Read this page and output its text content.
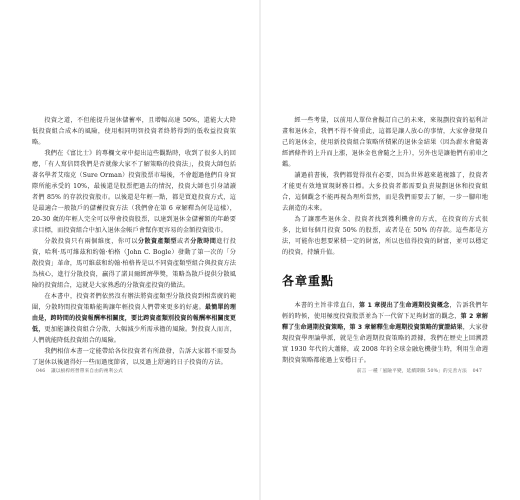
投資之道，不但能提升退休儲蓄率，且增幅高達 50%，還能大大降低投資組合成本的風險，使用相同明智投資者終將得到的低收益投資策略。

我們在《富比士》的專欄文章中提出這些觀點時，收到了很多人的回應，「有人寫信問我們是否就像大家不了解策略的投資法」，投資大師包括著名學者艾瑞克（Sure Orman）投資股票市場後，不會超過他們自身實際所能承受的 10%，最後還是股票把過去的情況，投資大師也引身請讀者們 85% 的存款投資股市。以後還是年輕一點，都是買進投資方式，這是最適合一般散戶的儲蓄投資方法（我們會在第 6 章解釋為何是這樣），20-30 歲的年輕人完全可以學會投資股票，以達到退休金儲蓄額的年齡要求目標，而投資組合中加入退休金帳戶會幫你更容易的金額投資股市。

分散投資只有兩個維度，你可以分散資產類型或者分散時間進行投資，哈利·馬可維茲和約翰·柏格（John C. Bogle）發動了第一次的「分散投資」革命，馬可維茲和約翰·柏格皆是以不同資產類型組合與投資方法為核心，進行分散投資，贏得了諾貝爾經濟學獎，策略為散戶提供分散風險的投資組合，這就是大家熟悉的分散資產投資的做法。

在本書中，投資者們依然沒有辦法將資產類型分散投資到相當廣的範圍，分散時間投資策略能夠讓年輕投資人們帶來更多的好處。最簡單的理由是，跨時間的投資報酬率相關度，要比跨資產類別投資的報酬率相關度更低，更加能讓投資組合分散，大幅減少所需承擔的風險。對投資人而言，人們就能降低投資組合的風險。

我們相信本書一定能帶給各位投資者有所啟發，告訴大家都不需要為了退休以後過得好一些而過度節省，以及過上舒適的日子投資的方法。

046 讓以槓桿經營帶來自由的複利公式

經一些考量，以前用人單位會擬訂自己的未來，來規劃投資的福利計畫和退休金，我們不得不倚重此，這都是讓人放心的事情，大家會發現自己的退休金，使用新投資組合策略所積累的退休金結果（因為薪水會隨著經濟條件的上升而上漲，退休金也會隨之上升），另外也是讓他們有前車之鑑。

讀過前書後，我們都覺得很有必要，因為世界越來越複雜了，投資者才能更有效地實現財務目標。大多投資者都需要負責規劃退休和投資組合，這個觀念不能再視為理所當然，而是我們需要去了解，一步一腳印地去創造的未來。

為了讓那些退休金、投資者找到獲利機會的方式，在投資的方式很多，比如每個月投資 50% 的股票，或者是在 50% 的存款。這些都是方法，可能你也想要累積一定的財富，所以也值得投資的財富，並可以穩定的投資，持續升值。

各章重點

本書的主旨非常直白，第 1 章提出了生命週期投資概念，告訴我們年輕的時候，使用極度投資股票並為下一代留下足夠財富的觀念，第 2 章解釋了生命週期投資策略，第 3 章解釋生命週期投資策略的實證結果，大家發現投資學理論學派，就是生命週期投資策略的證據，我們在歷史上回溯證實 1930 年代的大蕭條，或 2008 年的全球金融危機發生時，利用生命週期投資策略都能過上安穩日子。

前言 一種「風險平變，延續期限 50%」的完善方法 047
